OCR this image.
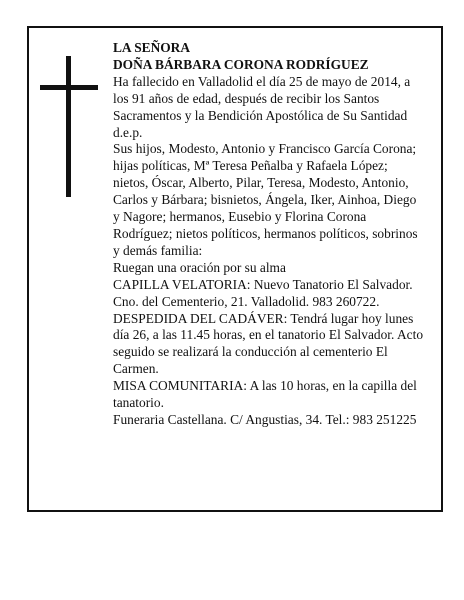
LA SEÑORA

DOÑA BÁRBARA CORONA RODRÍGUEZ

Ha fallecido en Valladolid el día 25 de mayo de 2014, a los 91 años de edad, después de recibir los Santos Sacramentos y la Bendición Apostólica de Su Santidad d.e.p.

Sus hijos, Modesto, Antonio y Francisco García Corona; hijas políticas, Mª Teresa Peñalba y Rafaela López; nietos, Óscar, Alberto, Pilar, Teresa, Modesto, Antonio, Carlos y Bárbara; bisnietos, Ángela, Iker, Ainhoa, Diego y Nagore; hermanos, Eusebio y Florina Corona Rodríguez; nietos políticos, hermanos políticos, sobrinos y demás familia:

Ruegan una oración por su alma

CAPILLA VELATORIA: Nuevo Tanatorio El Salvador. Cno. del Cementerio, 21. Valladolid. 983 260722.

DESPEDIDA DEL CADÁVER: Tendrá lugar hoy lunes día 26, a las 11.45 horas, en el tanatorio El Salvador. Acto seguido se realizará la conducción al cementerio El Carmen.

MISA COMUNITARIA: A las 10 horas, en la capilla del tanatorio.

Funeraria Castellana. C/ Angustias, 34. Tel.: 983 251225
